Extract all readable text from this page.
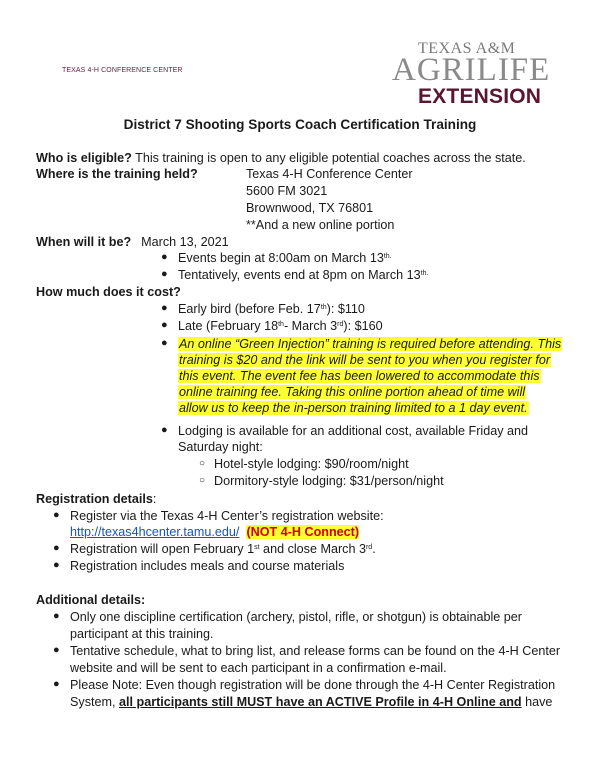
TEXAS 4-H CONFERENCE CENTER
TEXAS A&M
AGRILIFE
EXTENSION
District 7 Shooting Sports Coach Certification Training
Who is eligible? This training is open to any eligible potential coaches across the state.
Where is the training held?	Texas 4-H Conference Center
5600 FM 3021
Brownwood, TX 76801
**And a new online portion
When will it be? March 13, 2021
● Events begin at 8:00am on March $13^{th.}$
● Tentatively, events end at 8pm on March $13^{th.}$
How much does it cost?
● Early bird (before Feb. 17th): $110
● Late (February 18th- March 3rd): $160
● An online “Green Injection” training is required before attending. This
training is $20 and the link will be sent to you when you register for
this event. The event fee has been lowered to accommodate this
online training fee. Taking this online portion ahead of time will
allow us to keep the in-person training limited to a 1 day event.
● Lodging is available for an additional cost, available Friday and
Saturday night:
○ Hotel-style lodging: $90/room/night
○ Dormitory-style lodging: $31/person/night
Registration details:
● Register via the Texas 4-H Center’s registration website:
http://texas4hcenter.tamu.edu/ (NOT 4-H Connect)
● Registration will open February 1st and close March 3rd.
● Registration includes meals and course materials
Additional details:
● Only one discipline certification (archery, pistol, rifle, or shotgun) is obtainable per
participant at this training.
● Tentative schedule, what to bring list, and release forms can be found on the 4-H Center
website and will be sent to each participant in a confirmation e-mail.
● Please Note: Even though registration will be done through the 4-H Center Registration
System, all participants still MUST have an ACTIVE Profile in 4-H Online and have
